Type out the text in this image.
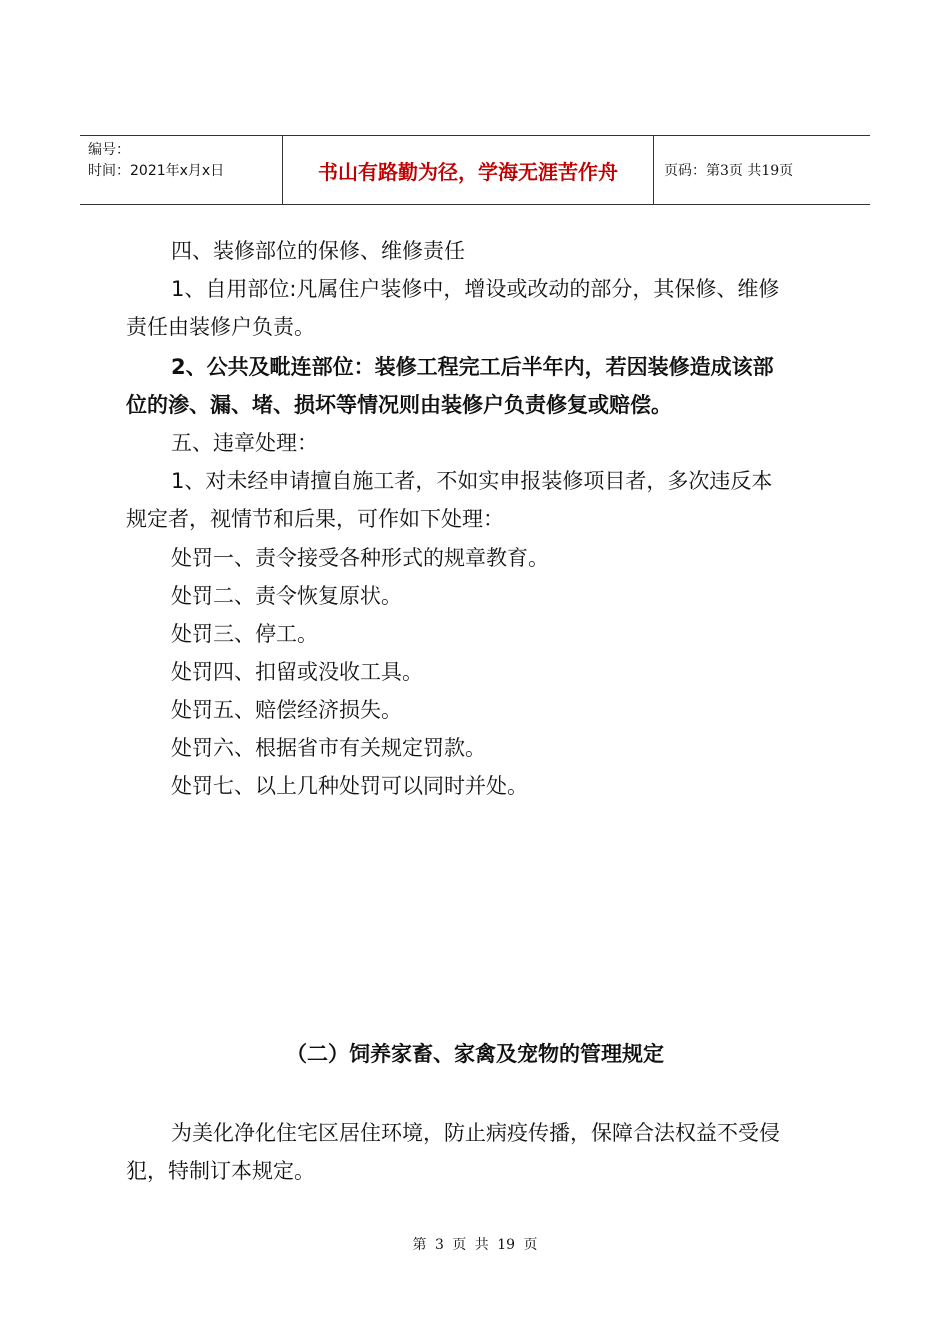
编号：
时间：2021年x月x日	书山有路勤为径，学海无涯苦作舟	页码：第3页 共19页

四、装修部位的保修、维修责任

1、自用部位:凡属住户装修中，增设或改动的部分，其保修、维修

责任由装修户负责。

2、公共及毗连部位：装修工程完工后半年内，若因装修造成该部

位的渗、漏、堵、损坏等情况则由装修户负责修复或赔偿。

五、违章处理：

1、对未经申请擅自施工者，不如实申报装修项目者，多次违反本

规定者，视情节和后果，可作如下处理：

处罚一、责令接受各种形式的规章教育。

处罚二、责令恢复原状。

处罚三、停工。

处罚四、扣留或没收工具。

处罚五、赔偿经济损失。

处罚六、根据省市有关规定罚款。

处罚七、以上几种处罚可以同时并处。

（二）饲养家畜、家禽及宠物的管理规定

为美化净化住宅区居住环境，防止病疫传播，保障合法权益不受侵

犯，特制订本规定。

第 3 页 共 19 页
